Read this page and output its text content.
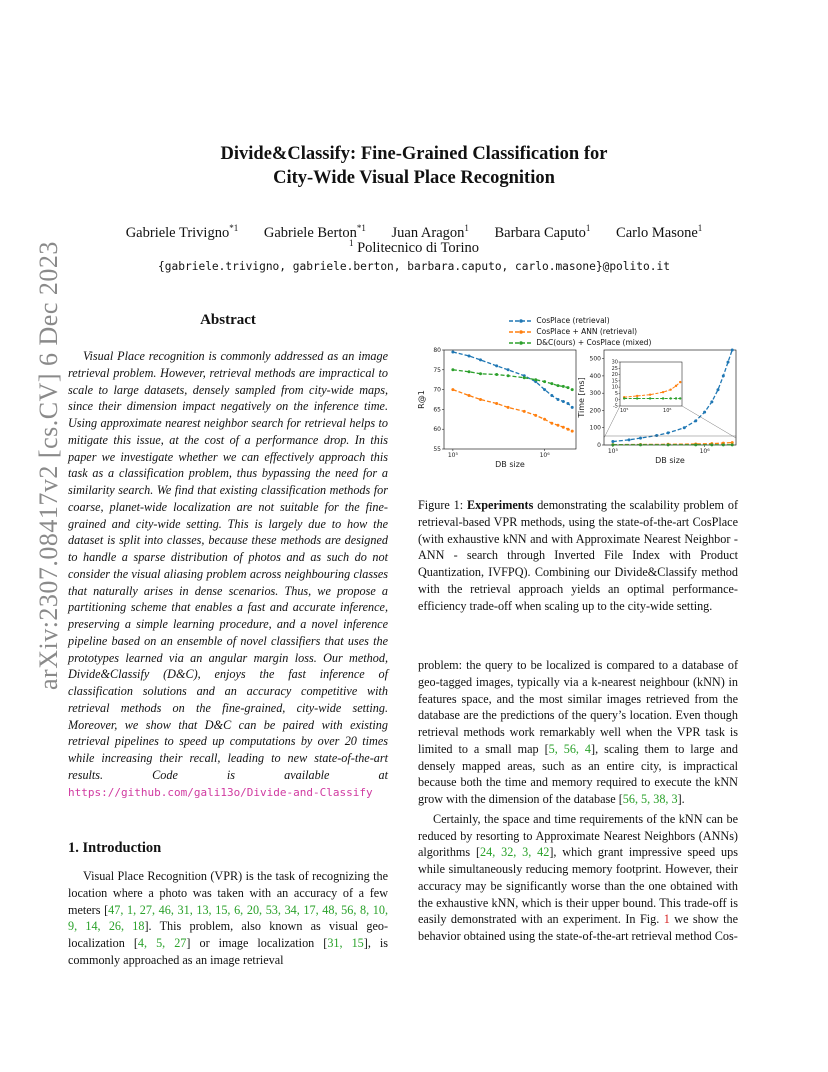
arXiv:2307.08417v2 [cs.CV] 6 Dec 2023
Divide&Classify: Fine-Grained Classification for
City-Wide Visual Place Recognition
Gabriele Trivigno$^{*1}$ Gabriele Berton$^{*1}$ Juan Aragon$^1$ Barbara Caputo$^1$ Carlo Masone$^1$
$^1$ Politecnico di Torino
{gabriele.trivigno, gabriele.berton, barbara.caputo, carlo.masone}@polito.it
Abstract

Visual Place recognition is commonly addressed as an image retrieval problem. However, retrieval methods are impractical to scale to large datasets, densely sampled from city-wide maps, since their dimension impact negatively on the inference time. Using approximate nearest neighbor search for retrieval helps to mitigate this issue, at the cost of a performance drop. In this paper we investigate whether we can effectively approach this task as a classification problem, thus bypassing the need for a similarity search. We find that existing classification methods for coarse, planet-wide localization are not suitable for the fine-grained and city-wide setting. This is largely due to how the dataset is split into classes, because these methods are designed to handle a sparse distribution of photos and as such do not consider the visual aliasing problem across neighbouring classes that naturally arises in dense scenarios. Thus, we propose a partitioning scheme that enables a fast and accurate inference, preserving a simple learning procedure, and a novel inference pipeline based on an ensemble of novel classifiers that uses the prototypes learned via an angular margin loss. Our method, Divide&Classify (D&C), enjoys the fast inference of classification solutions and an accuracy competitive with retrieval methods on the fine-grained, city-wide setting. Moreover, we show that D&C can be paired with existing retrieval pipelines to speed up computations by over 20 times while increasing their recall, leading to new state-of-the-art results. Code is available at https://github.com/gali13o/Divide-and-Classify

1. Introduction

Visual Place Recognition (VPR) is the task of recognizing the location where a photo was taken with an accuracy of a few meters [47, 1, 27, 46, 31, 13, 15, 6, 20, 53, 34, 17, 48, 56, 8, 10, 9, 14, 26, 18]. This problem, also known as visual geo-localization [4, 5, 27] or image localization [31, 15], is commonly approached as an image retrieval

CosPlace (retrieval)
CosPlace + ANN (retrieval)
D&C(ours) + CosPlace (mixed)
55
60
65
70
75
80
10⁵	10⁶
DB size
R@1
0
100
200
300
400
500
10⁵	10⁶
DB size
Time [ms]	-5
0
5
10
15
20
25
30
10⁵	10⁶

Figure 1: Experiments demonstrating the scalability problem of retrieval-based VPR methods, using the state-of-the-art CosPlace (with exhaustive kNN and with Approximate Nearest Neighbor - ANN - search through Inverted File Index with Product Quantization, IVFPQ). Combining our Divide&Classify method with the retrieval approach yields an optimal performance-efficiency trade-off when scaling up to the city-wide setting.

problem: the query to be localized is compared to a database of geo-tagged images, typically via a k-nearest neighbour (kNN) in features space, and the most similar images retrieved from the database are the predictions of the query’s location. Even though retrieval methods work remarkably well when the VPR task is limited to a small map [5, 56, 4], scaling them to large and densely mapped areas, such as an entire city, is impractical because both the time and memory required to execute the kNN grow with the dimension of the database [56, 5, 38, 3].

Certainly, the space and time requirements of the kNN can be reduced by resorting to Approximate Nearest Neighbors (ANNs) algorithms [24, 32, 3, 42], which grant impressive speed ups while simultaneously reducing memory footprint. However, their accuracy may be significantly worse than the one obtained with the exhaustive kNN, which is their upper bound. This trade-off is easily demonstrated with an experiment. In Fig. 1 we show the behavior obtained using the state-of-the-art retrieval method Cos-
